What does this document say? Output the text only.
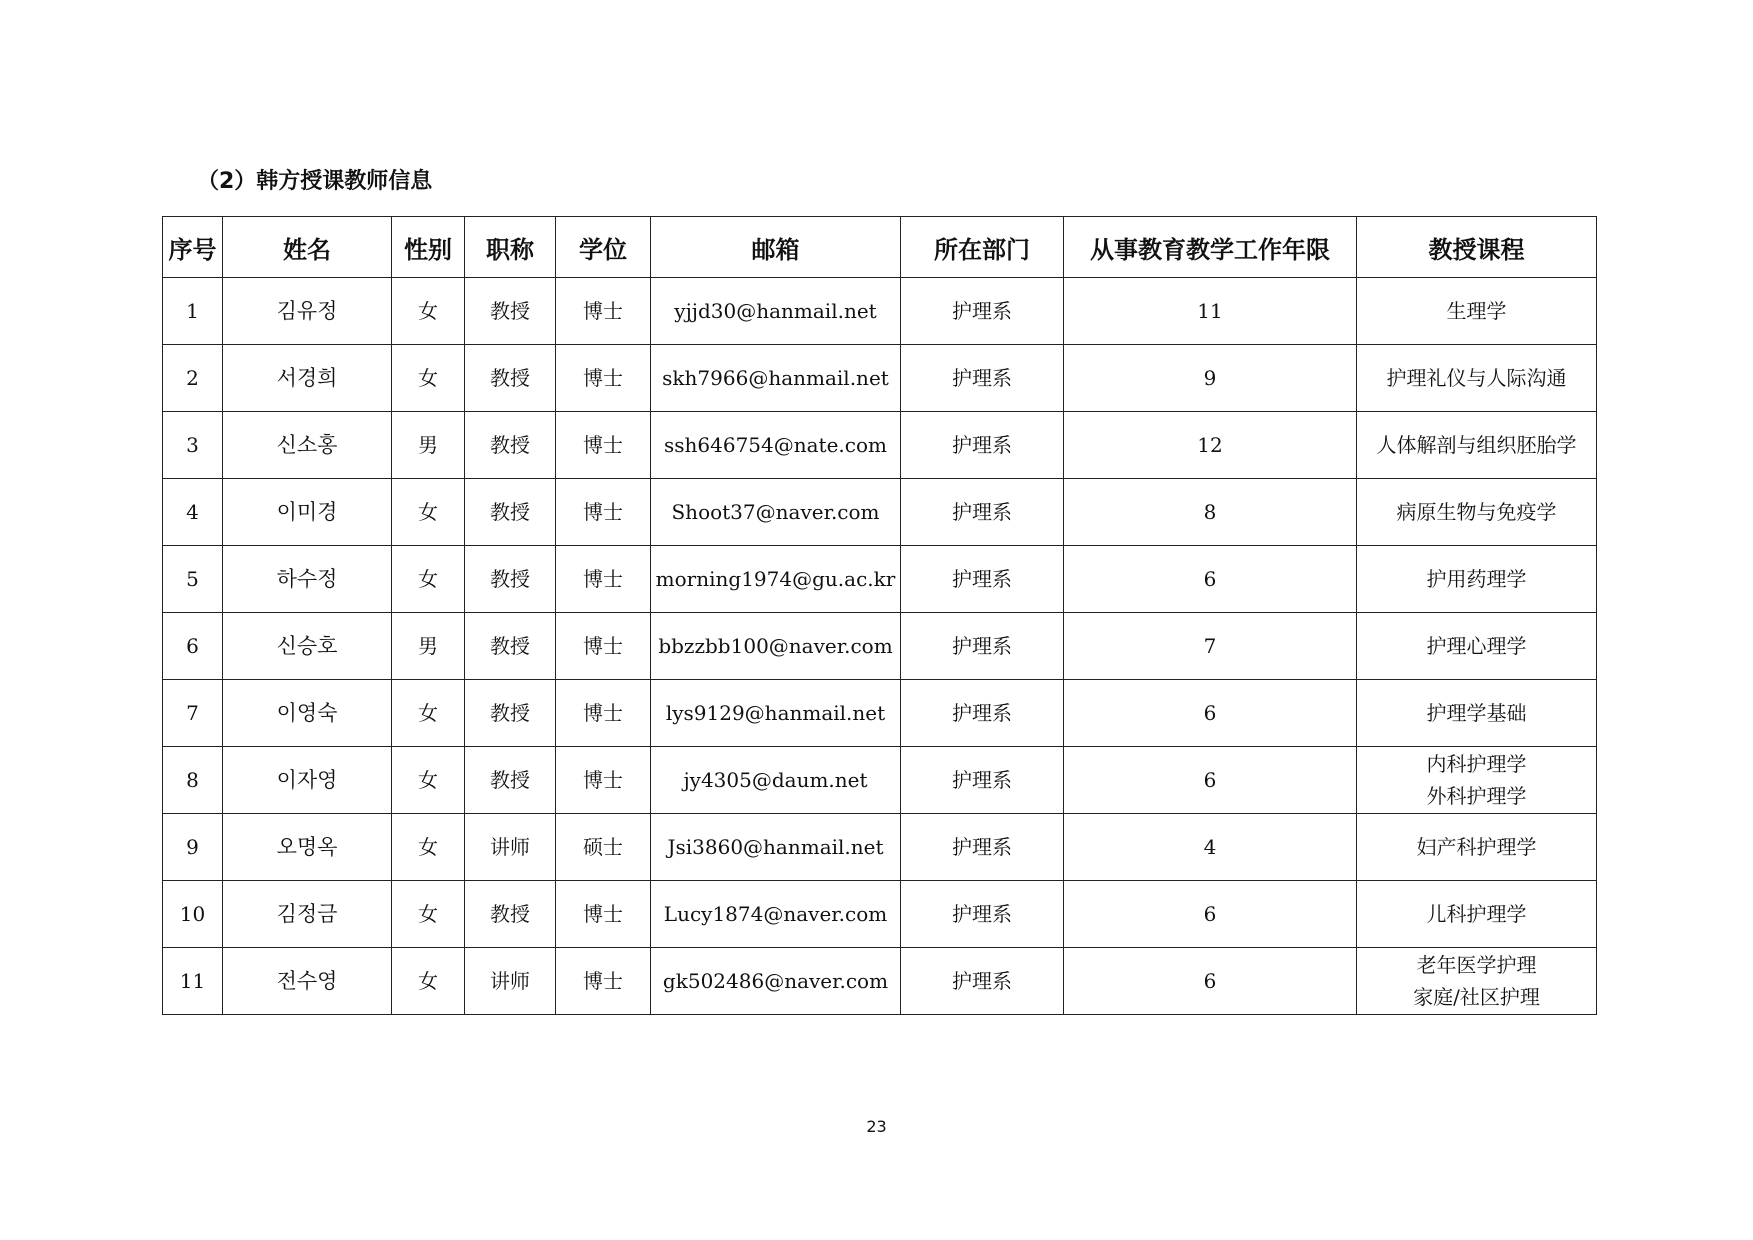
（2）韩方授课教师信息
序号	姓名	性别	职称	学位	邮箱	所在部门	从事教育教学工作年限	教授课程
1	김유정	女	教授	博士	yjjd30@hanmail.net	护理系	11	生理学

2	서경희	女	教授	博士	skh7966@hanmail.net	护理系	9	护理礼仪与人际沟通

3	신소홍	男	教授	博士	ssh646754@nate.com	护理系	12	人体解剖与组织胚胎学

4	이미경	女	教授	博士	Shoot37@naver.com	护理系	8	病原生物与免疫学

5	하수정	女	教授	博士	morning1974@gu.ac.kr	护理系	6	护用药理学

6	신승호	男	教授	博士	bbzzbb100@naver.com	护理系	7	护理心理学

7	이영숙	女	教授	博士	lys9129@hanmail.net	护理系	6	护理学基础

8	이자영	女	教授	博士	jy4305@daum.net	护理系	6	内科护理学
外科护理学

9	오명옥	女	讲师	硕士	Jsi3860@hanmail.net	护理系	4	妇产科护理学

10	김정금	女	教授	博士	Lucy1874@naver.com	护理系	6	儿科护理学

11	전수영	女	讲师	博士	gk502486@naver.com	护理系	6	老年医学护理
家庭/社区护理
23
